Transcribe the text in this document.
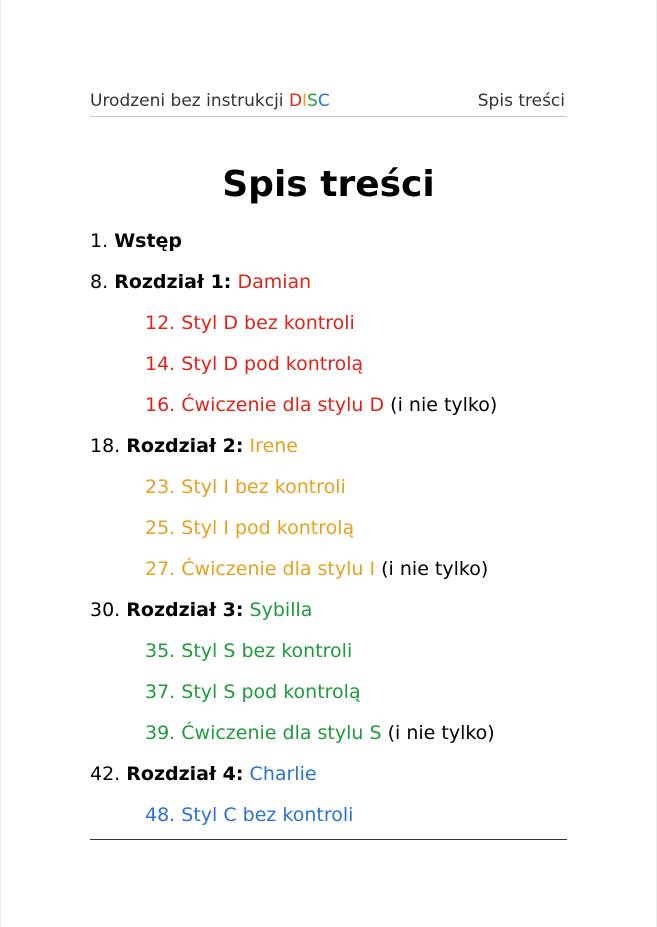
Urodzeni bez instrukcji DISC	Spis treści
Spis treści
1. Wstęp
8. Rozdział 1: Damian
12. Styl D bez kontroli
14. Styl D pod kontrolą
16. Ćwiczenie dla stylu D (i nie tylko)
18. Rozdział 2: Irene
23. Styl I bez kontroli
25. Styl I pod kontrolą
27. Ćwiczenie dla stylu I (i nie tylko)
30. Rozdział 3: Sybilla
35. Styl S bez kontroli
37. Styl S pod kontrolą
39. Ćwiczenie dla stylu S (i nie tylko)
42. Rozdział 4: Charlie
48. Styl C bez kontroli
